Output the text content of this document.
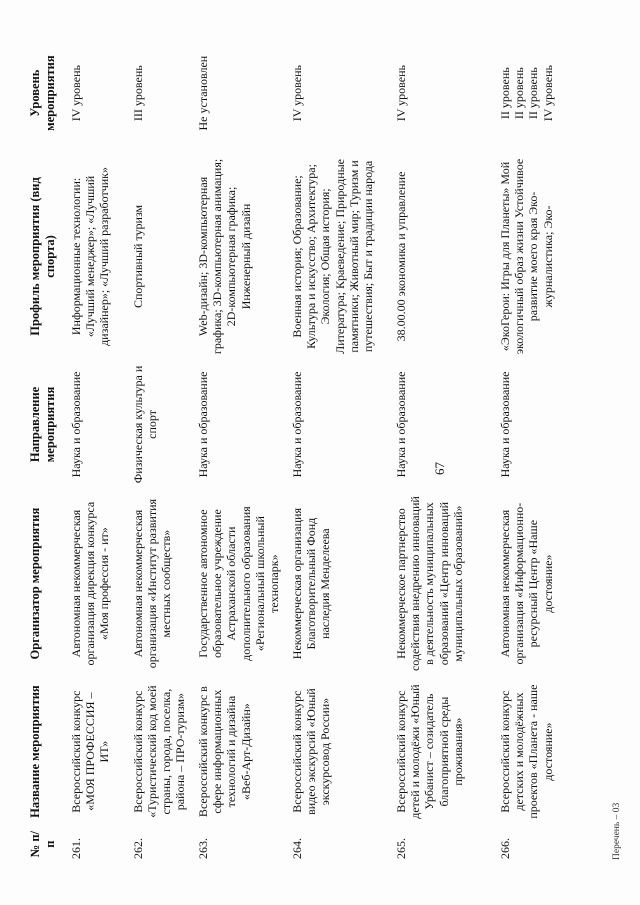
67
№ п/п	Название мероприятия	Организатор мероприятия	Направление мероприятия	Профиль мероприятия (вид спорта)	Уровень мероприятия
261.	Всероссийский конкурс «МОЯ ПРОФЕССИЯ – ИТ»	Автономная некоммерческая организация дирекция конкурса «Моя профессия - ит»	Наука и образование	Информационные технологии: «Лучший менеджер»; «Лучший дизайнер»; «Лучший разработчик»	IV уровень

262.	Всероссийский конкурс «Туристический код моей страны, города, поселка, района – ПРО-туризм»	Автономная некоммерческая организация «Институт развития местных сообществ»	Физическая культура и спорт	Спортивный туризм	III уровень

263.	Всероссийский конкурс в сфере информационных технологий и дизайна «Веб-Арт-Дизайн»	Государственное автономное образовательное учреждение Астраханской области дополнительного образования «Региональный школьный технопарк»	Наука и образование	Web-дизайн; 3D-компьютерная графика; 3D-компьютерная анимация; 2D-компьютерная графика; Инженерный дизайн	Не установлен

264.	Всероссийский конкурс видео экскурсий «Юный экскурсовод России»	Некоммерческая организация Благотворительный Фонд наследия Менделеева	Наука и образование	Военная история; Образование; Культура и искусство; Архитектура; Экология; Общая история; Литература; Краеведение; Природные памятники; Животный мир; Туризм и путешествия; Быт и традиции народа	IV уровень

265.	Всероссийский конкурс детей и молодёжи «Юный Урбанист – созидатель благоприятной среды проживания»	Некоммерческое партнерство содействия внедрению инноваций в деятельность муниципальных образований «Центр инноваций муниципальных образований»	Наука и образование	38.00.00 экономика и управление	IV уровень

266.	Всероссийский конкурс детских и молодёжных проектов «Планета - наше достояние»	Автономная некоммерческая организация «Информационно-ресурсный Центр «Наше достояние»	Наука и образование	«ЭкоГерои: Игры для Планеты» Мой экологичный образ жизни Устойчивое развитие моего края Эко-журналистика; Эко-	II уровень II уровень II уровень IV уровень
Перечень – 03
